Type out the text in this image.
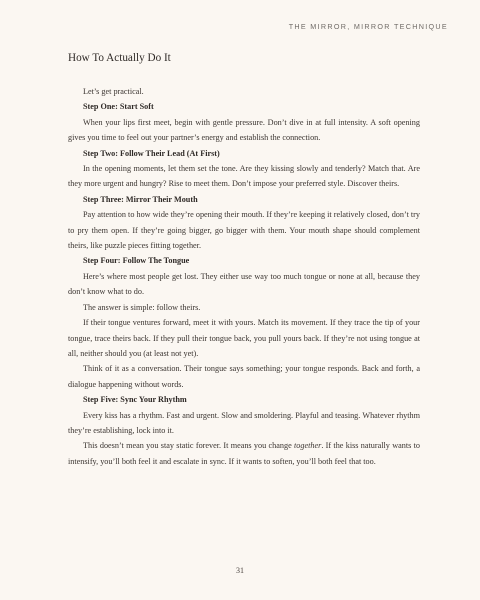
THE MIRROR, MIRROR TECHNIQUE
How To Actually Do It

Let’s get practical.

Step One: Start Soft

When your lips first meet, begin with gentle pressure. Don’t dive in at full intensity. A soft opening gives you time to feel out your partner’s energy and establish the connection.

Step Two: Follow Their Lead (At First)

In the opening moments, let them set the tone. Are they kissing slowly and tenderly? Match that. Are they more urgent and hungry? Rise to meet them. Don’t impose your preferred style. Discover theirs.

Step Three: Mirror Their Mouth

Pay attention to how wide they’re opening their mouth. If they’re keeping it relatively closed, don’t try to pry them open. If they’re going bigger, go bigger with them. Your mouth shape should complement theirs, like puzzle pieces fitting together.

Step Four: Follow The Tongue

Here’s where most people get lost. They either use way too much tongue or none at all, because they don’t know what to do.

The answer is simple: follow theirs.

If their tongue ventures forward, meet it with yours. Match its movement. If they trace the tip of your tongue, trace theirs back. If they pull their tongue back, you pull yours back. If they’re not using tongue at all, neither should you (at least not yet).

Think of it as a conversation. Their tongue says something; your tongue responds. Back and forth, a dialogue happening without words.

Step Five: Sync Your Rhythm

Every kiss has a rhythm. Fast and urgent. Slow and smoldering. Playful and teasing. Whatever rhythm they’re establishing, lock into it.

This doesn’t mean you stay static forever. It means you change together. If the kiss naturally wants to intensify, you’ll both feel it and escalate in sync. If it wants to soften, you’ll both feel that too.

31
